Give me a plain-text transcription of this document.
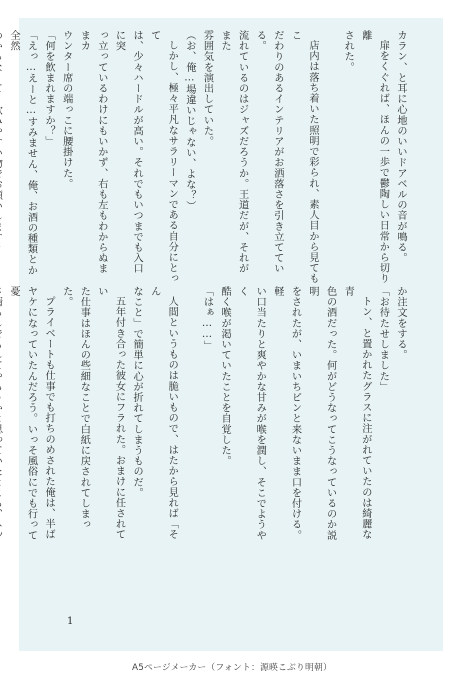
カラン、と耳に心地のいいドアベルの音が鳴る。

扉をくぐれば、ほんの一歩で鬱陶しい日常から切り離

された。

店内は落ち着いた照明で彩られ、素人目から見てもこ

だわりのあるインテリアがお洒落さを引き立てている。

流れているのはジャズだろうか。王道だが、それがまた

雰囲気を演出していた。

（お、俺…場違いじゃない、よな？）

しかし、極々平凡なサラリーマンである自分にとって

は、少々ハードルが高い。それでもいつまでも入口に突

っ立っているわけにもいかず、右も左もわからぬままカ

ウンター席の端っこに腰掛けた。

「何を飲まれますか？」

「えっ…えーと…すみません、俺、お酒の種類とか全然

か注文をする。

「お待たせしました」

トン、と置かれたグラスに注がれていたのは綺麗な青

色の酒だった。何がどうなってこうなっているのか説明

をされたが、いまいちピンと来ないまま口を付ける。軽

い口当たりと爽やかな甘みが喉を潤し、そこでようやく

酷く喉が渇いていたことを自覚した。

「はぁ……」

人間というものは脆いもので、はたから見れば「そん

なこと」で簡単に心が折れてしまうものだ。

五年付き合った彼女にフラれた。おまけに任されてい

た仕事はほんの些細なことで白紙に戻されてしまった。

プライベートも仕事でも打ちのめされた俺は、半ば

ヤケになっていたんだろう。いっそ風俗にでも行って憂

1
A5ページメーカー（フォント：源暎こぶり明朝）
